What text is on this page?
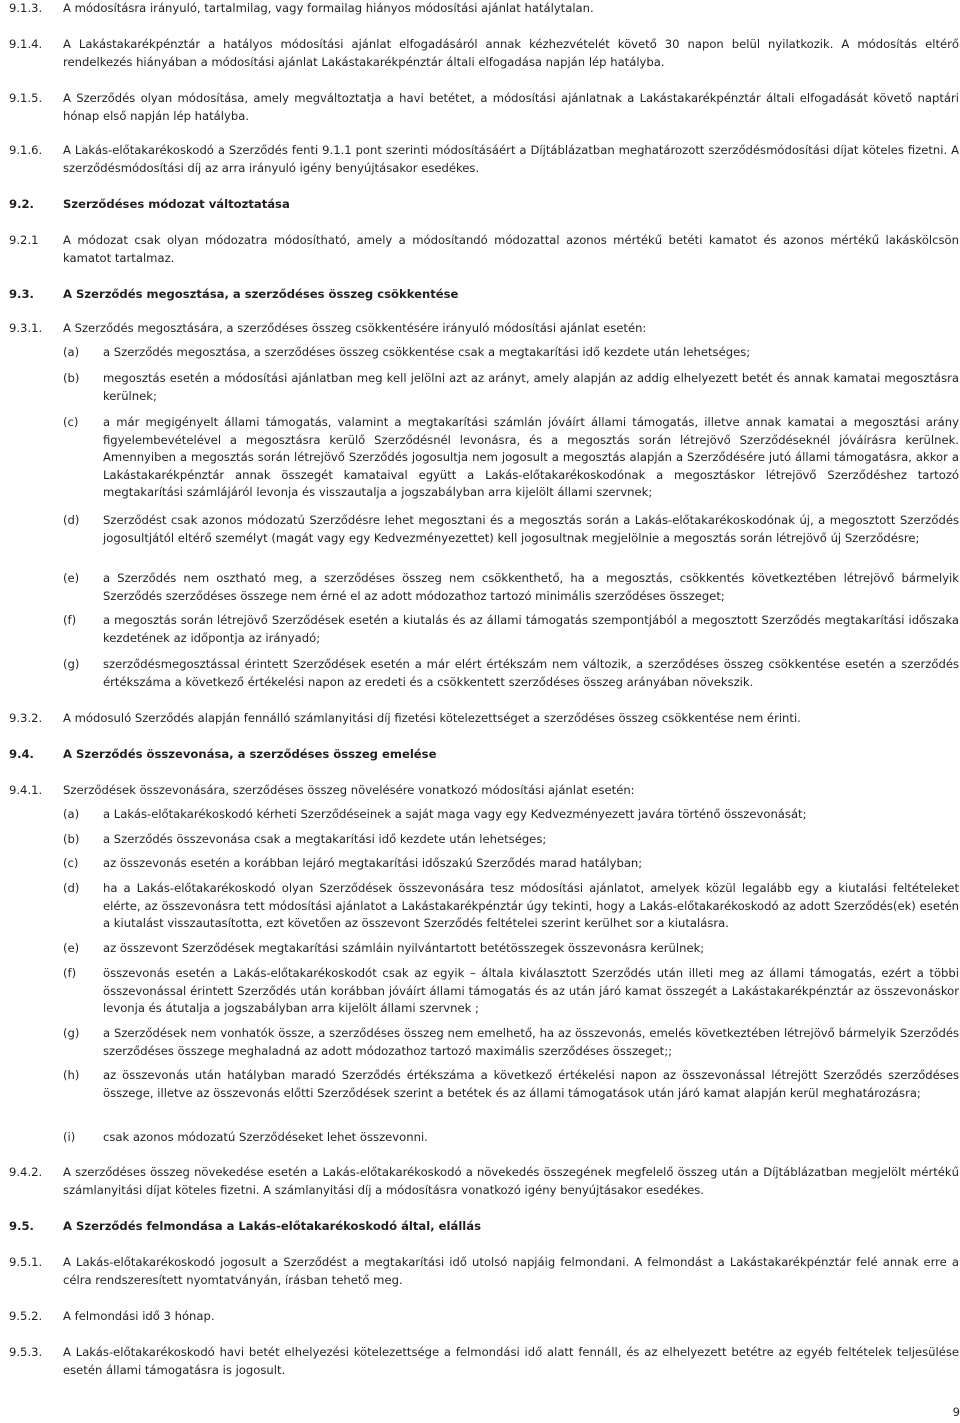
9.1.3. A módosításra irányuló, tartalmilag, vagy formailag hiányos módosítási ajánlat hatálytalan.
9.1.4. A Lakástakarékpénztár a hatályos módosítási ajánlat elfogadásáról annak kézhezvételét követő 30 napon belül nyilatkozik. A módosítás eltérő rendelkezés hiányában a módosítási ajánlat Lakástakarékpénztár általi elfogadása napján lép hatályba.
9.1.5. A Szerződés olyan módosítása, amely megváltoztatja a havi betétet, a módosítási ajánlatnak a Lakástakarékpénztár általi elfogadását követő naptári hónap első napján lép hatályba.
9.1.6. A Lakás-előtakarékoskodó a Szerződés fenti 9.1.1 pont szerinti módosításáért a Díjtáblázatban meghatározott szerződésmódosítási díjat köteles fizetni. A szerződésmódosítási díj az arra irányuló igény benyújtásakor esedékes.
9.2.	Szerződéses módozat változtatása
9.2.1 A módozat csak olyan módozatra módosítható, amely a módosítandó módozattal azonos mértékű betéti kamatot és azonos mértékű lakáskölcsön kamatot tartalmaz.
9.3.	A Szerződés megosztása, a szerződéses összeg csökkentése
9.3.1. A Szerződés megosztására, a szerződéses összeg csökkentésére irányuló módosítási ajánlat esetén:
(a) a Szerződés megosztása, a szerződéses összeg csökkentése csak a megtakarítási idő kezdete után lehetséges;
(b) megosztás esetén a módosítási ajánlatban meg kell jelölni azt az arányt, amely alapján az addig elhelyezett betét és annak kamatai megosztásra kerülnek;
(c) a már megigényelt állami támogatás, valamint a megtakarítási számlán jóváírt állami támogatás, illetve annak kamatai a megosztási arány figyelembevételével a megosztásra kerülő Szerződésnél levonásra, és a megosztás során létrejövő Szerződéseknél jóváírásra kerülnek. Amennyiben a megosztás során létrejövő Szerződés jogosultja nem jogosult a megosztás alapján a Szerződésére jutó állami támogatásra, akkor a Lakástakarékpénztár annak összegét kamataival együtt a Lakás-előtakarékoskodónak a megosztáskor létrejövő Szerződéshez tartozó megtakarítási számlájáról levonja és visszautalja a jogszabályban arra kijelölt állami szervnek;
(d) Szerződést csak azonos módozatú Szerződésre lehet megosztani és a megosztás során a Lakás-előtakarékoskodónak új, a megosztott Szerződés jogosultjától eltérő személyt (magát vagy egy Kedvezményezettet) kell jogosultnak megjelölnie a megosztás során létrejövő új Szerződésre;
(e) a Szerződés nem osztható meg, a szerződéses összeg nem csökkenthető, ha a megosztás, csökkentés következtében létrejövő bármelyik Szerződés szerződéses összege nem érné el az adott módozathoz tartozó minimális szerződéses összeget;
(f) a megosztás során létrejövő Szerződések esetén a kiutalás és az állami támogatás szempontjából a megosztott Szerződés megtakarítási időszaka kezdetének az időpontja az irányadó;
(g) szerződésmegosztással érintett Szerződések esetén a már elért értékszám nem változik, a szerződéses összeg csökkentése esetén a szerződés értékszáma a következő értékelési napon az eredeti és a csökkentett szerződéses összeg arányában növekszik.
9.3.2. A módosuló Szerződés alapján fennálló számlanyitási díj fizetési kötelezettséget a szerződéses összeg csökkentése nem érinti.
9.4.	A Szerződés összevonása, a szerződéses összeg emelése
9.4.1. Szerződések összevonására, szerződéses összeg növelésére vonatkozó módosítási ajánlat esetén:
(a) a Lakás-előtakarékoskodó kérheti Szerződéseinek a saját maga vagy egy Kedvezményezett javára történő összevonását;
(b) a Szerződés összevonása csak a megtakarítási idő kezdete után lehetséges;
(c) az összevonás esetén a korábban lejáró megtakarítási időszakú Szerződés marad hatályban;
(d) ha a Lakás-előtakarékoskodó olyan Szerződések összevonására tesz módosítási ajánlatot, amelyek közül legalább egy a kiutalási feltételeket elérte, az összevonásra tett módosítási ajánlatot a Lakástakarékpénztár úgy tekinti, hogy a Lakás-előtakarékoskodó az adott Szerződés(ek) esetén a kiutalást visszautasította, ezt követően az összevont Szerződés feltételei szerint kerülhet sor a kiutalásra.
(e) az összevont Szerződések megtakarítási számláin nyilvántartott betétösszegek összevonásra kerülnek;
(f) összevonás esetén a Lakás-előtakarékoskodót csak az egyik – általa kiválasztott Szerződés után illeti meg az állami támogatás, ezért a többi összevonással érintett Szerződés után korábban jóváírt állami támogatás és az után járó kamat összegét a Lakástakarékpénztár az összevonáskor levonja és átutalja a jogszabályban arra kijelölt állami szervnek ;
(g) a Szerződések nem vonhatók össze, a szerződéses összeg nem emelhető, ha az összevonás, emelés következtében létrejövő bármelyik Szerződés szerződéses összege meghaladná az adott módozathoz tartozó maximális szerződéses összeget;;
(h) az összevonás után hatályban maradó Szerződés értékszáma a következő értékelési napon az összevonással létrejött Szerződés szerződéses összege, illetve az összevonás előtti Szerződések szerint a betétek és az állami támogatások után járó kamat alapján kerül meghatározásra;
(i) csak azonos módozatú Szerződéseket lehet összevonni.
9.4.2. A szerződéses összeg növekedése esetén a Lakás-előtakarékoskodó a növekedés összegének megfelelő összeg után a Díjtáblázatban megjelölt mértékű számlanyitási díjat köteles fizetni. A számlanyitási díj a módosításra vonatkozó igény benyújtásakor esedékes.
9.5.	A Szerződés felmondása a Lakás-előtakarékoskodó által, elállás
9.5.1. A Lakás-előtakarékoskodó jogosult a Szerződést a megtakarítási idő utolsó napjáig felmondani. A felmondást a Lakástakarékpénztár felé annak erre a célra rendszeresített nyomtatványán, írásban tehető meg.
9.5.2. A felmondási idő 3 hónap.
9.5.3. A Lakás-előtakarékoskodó havi betét elhelyezési kötelezettsége a felmondási idő alatt fennáll, és az elhelyezett betétre az egyéb feltételek teljesülése esetén állami támogatásra is jogosult.
9
